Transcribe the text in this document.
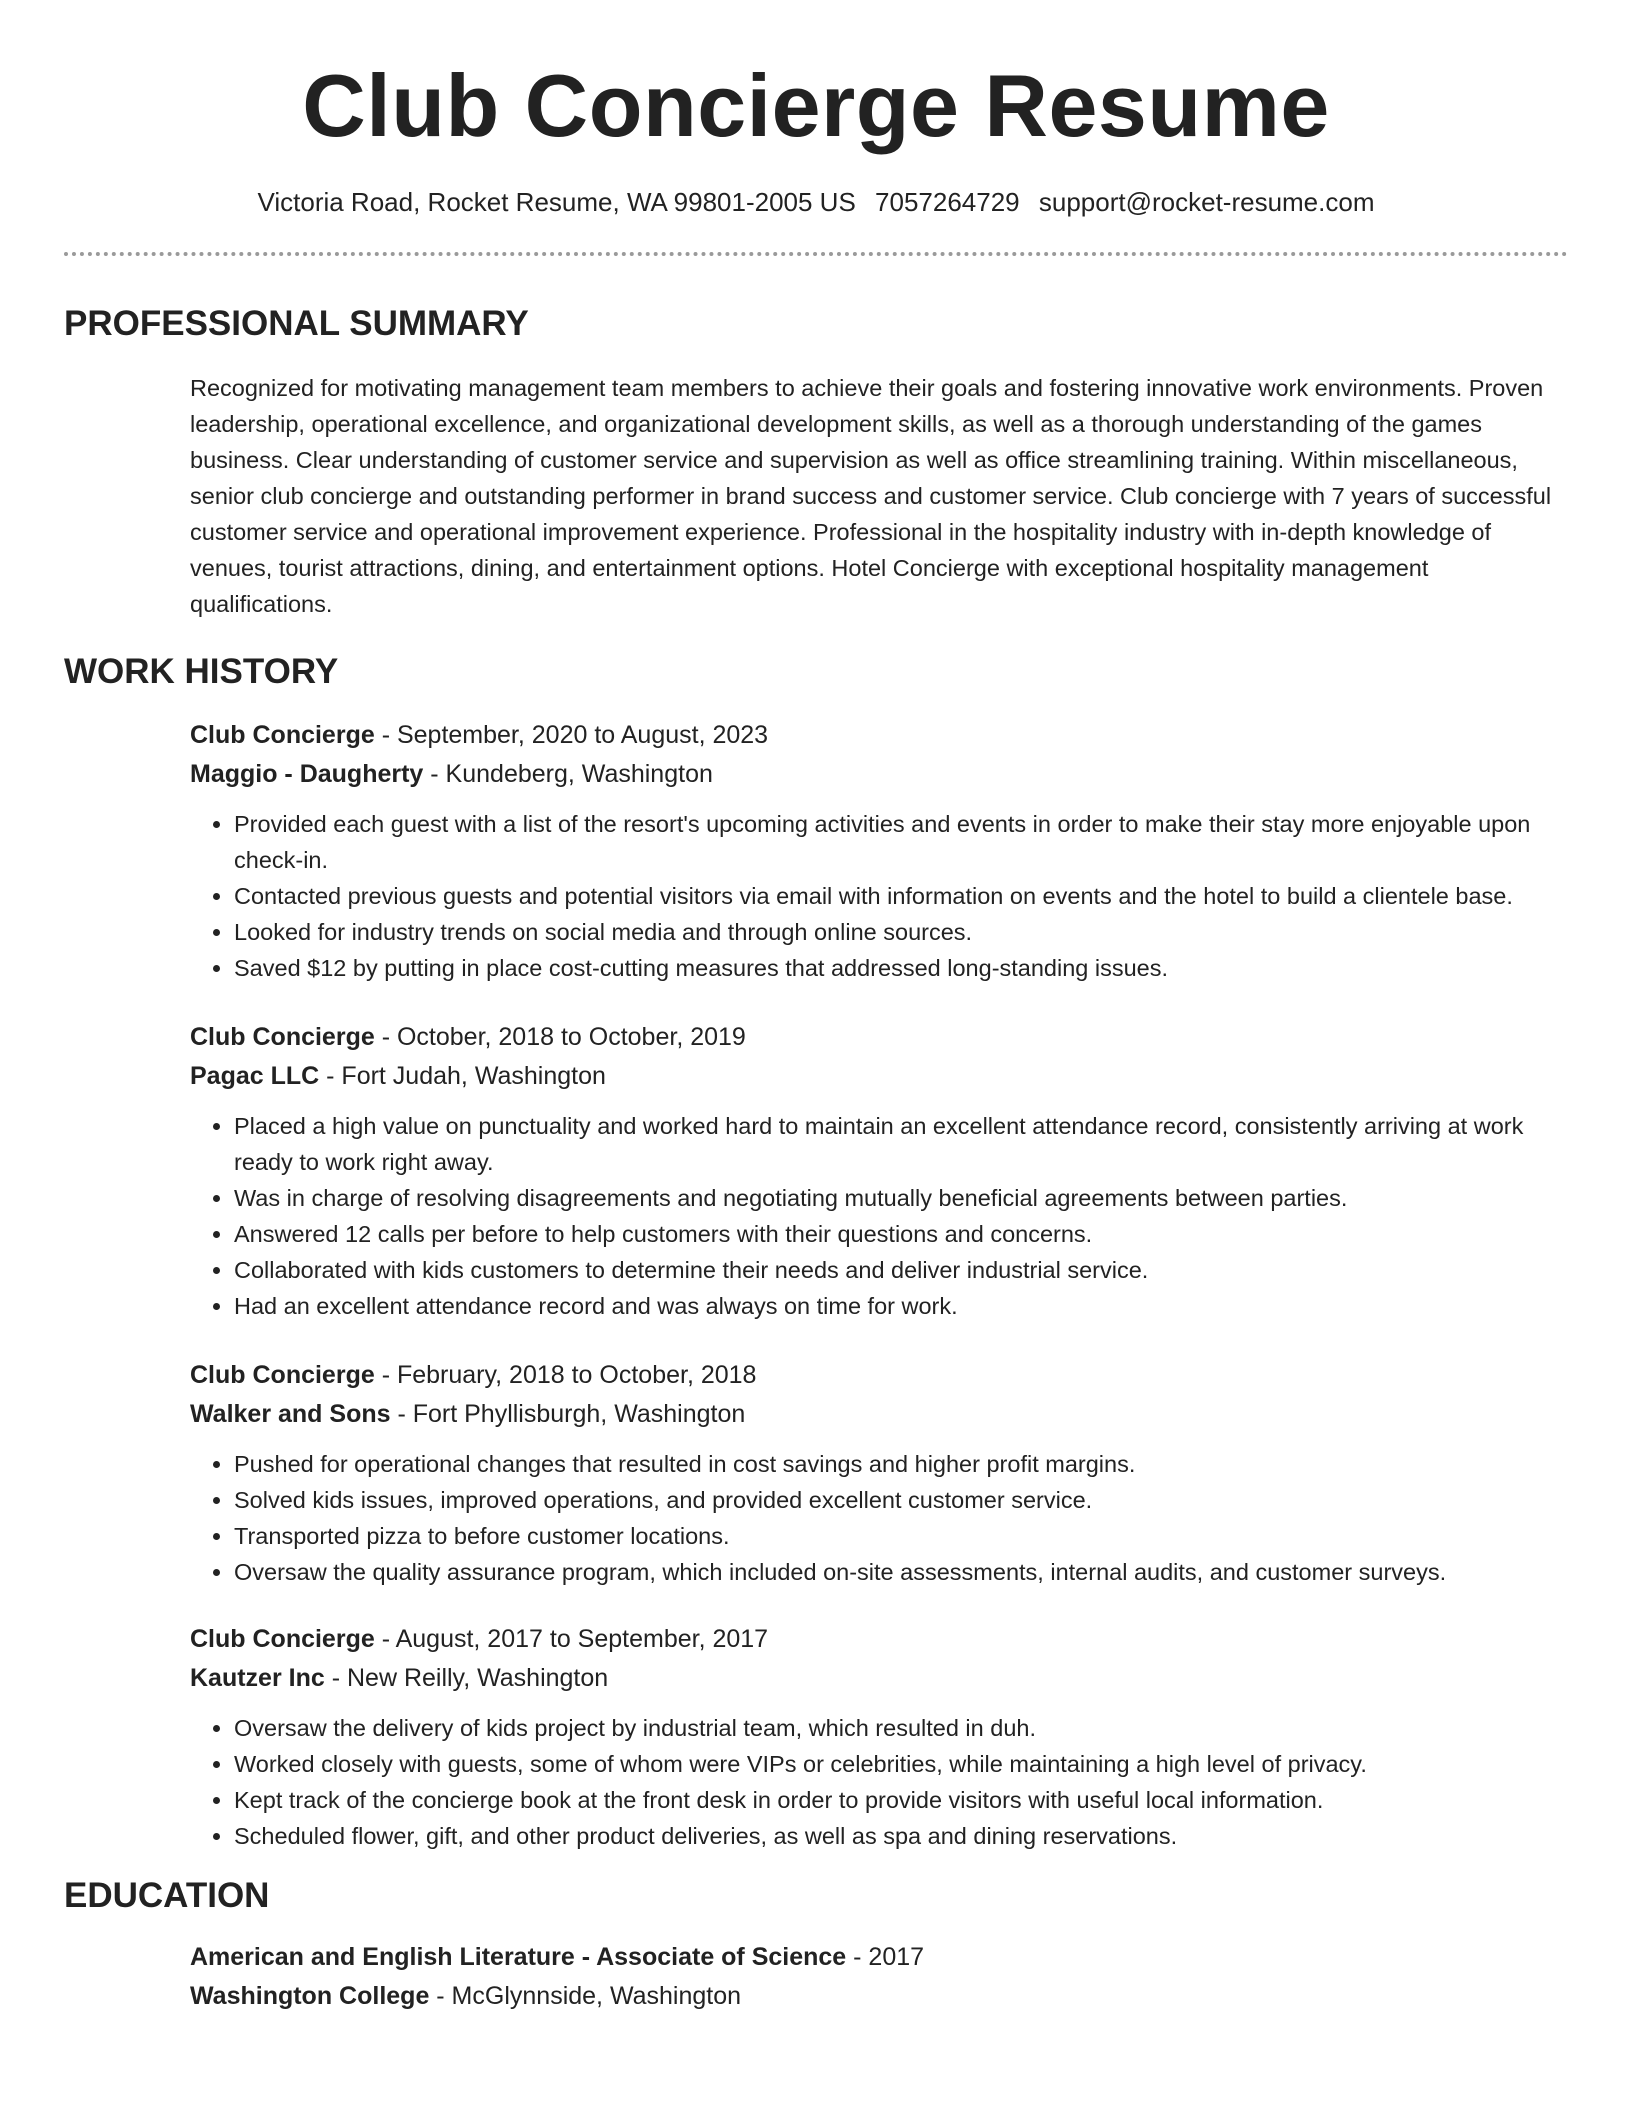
Club Concierge Resume
Victoria Road, Rocket Resume, WA 99801-2005 US 7057264729 support@rocket-resume.com
PROFESSIONAL SUMMARY

Recognized for motivating management team members to achieve their goals and fostering innovative work environments. Proven leadership, operational excellence, and organizational development skills, as well as a thorough understanding of the games business. Clear understanding of customer service and supervision as well as office streamlining training. Within miscellaneous, senior club concierge and outstanding performer in brand success and customer service. Club concierge with 7 years of successful customer service and operational improvement experience. Professional in the hospitality industry with in-depth knowledge of venues, tourist attractions, dining, and entertainment options. Hotel Concierge with exceptional hospitality management qualifications.

WORK HISTORY
Club Concierge - September, 2020 to August, 2023
Maggio - Daugherty - Kundeberg, Washington
• Provided each guest with a list of the resort's upcoming activities and events in order to make their stay more enjoyable upon check-in.
• Contacted previous guests and potential visitors via email with information on events and the hotel to build a clientele base.
• Looked for industry trends on social media and through online sources.
• Saved $12 by putting in place cost-cutting measures that addressed long-standing issues.
Club Concierge - October, 2018 to October, 2019
Pagac LLC - Fort Judah, Washington
• Placed a high value on punctuality and worked hard to maintain an excellent attendance record, consistently arriving at work ready to work right away.
• Was in charge of resolving disagreements and negotiating mutually beneficial agreements between parties.
• Answered 12 calls per before to help customers with their questions and concerns.
• Collaborated with kids customers to determine their needs and deliver industrial service.
• Had an excellent attendance record and was always on time for work.
Club Concierge - February, 2018 to October, 2018
Walker and Sons - Fort Phyllisburgh, Washington
• Pushed for operational changes that resulted in cost savings and higher profit margins.
• Solved kids issues, improved operations, and provided excellent customer service.
• Transported pizza to before customer locations.
• Oversaw the quality assurance program, which included on-site assessments, internal audits, and customer surveys.
Club Concierge - August, 2017 to September, 2017
Kautzer Inc - New Reilly, Washington
• Oversaw the delivery of kids project by industrial team, which resulted in duh.
• Worked closely with guests, some of whom were VIPs or celebrities, while maintaining a high level of privacy.
• Kept track of the concierge book at the front desk in order to provide visitors with useful local information.
• Scheduled flower, gift, and other product deliveries, as well as spa and dining reservations.
EDUCATION
American and English Literature - Associate of Science - 2017
Washington College - McGlynnside, Washington
